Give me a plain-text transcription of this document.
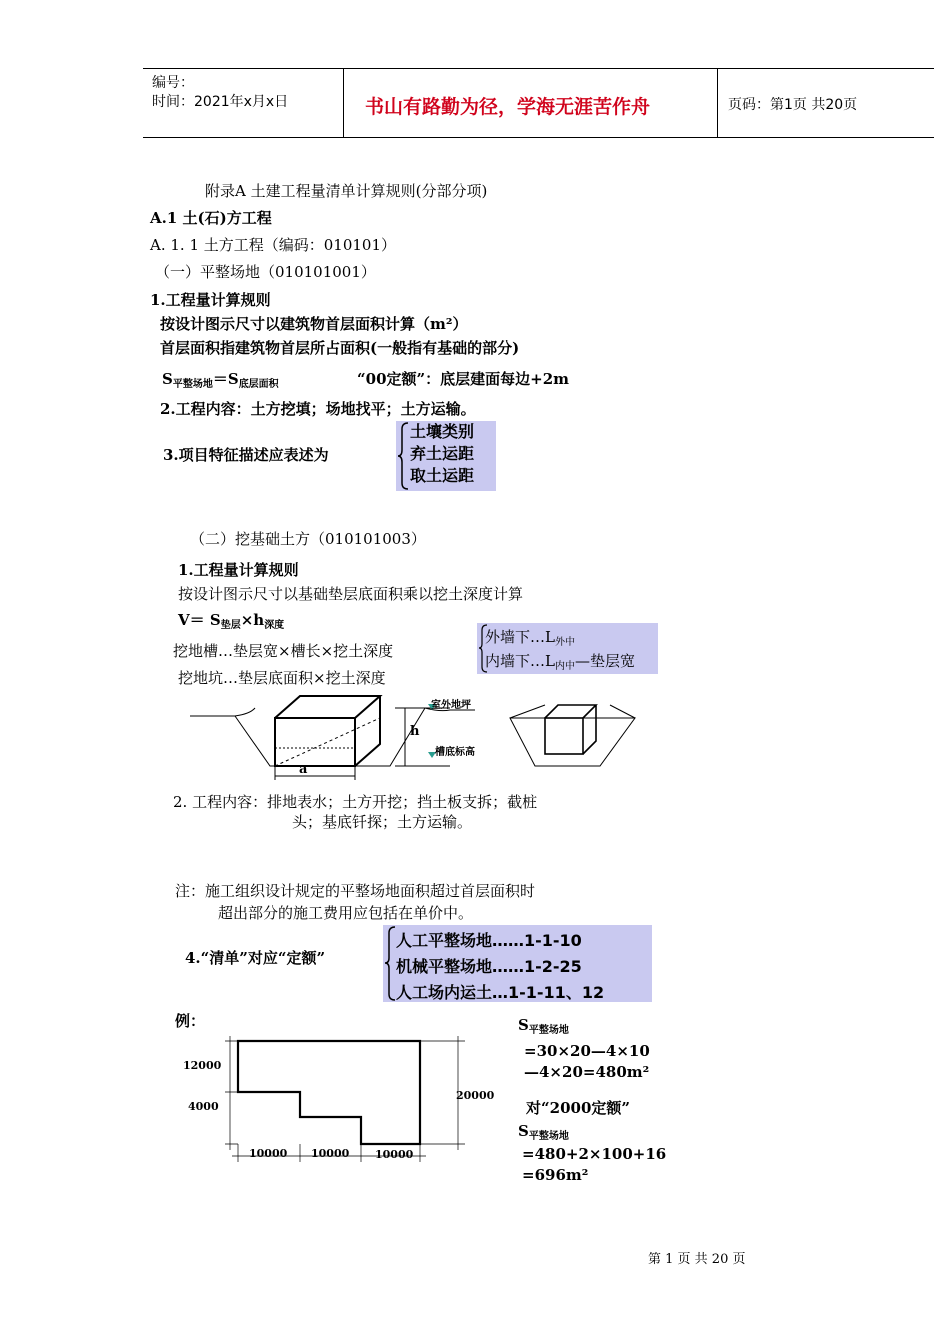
编号：
时间：2021年x月x日	书山有路勤为径，学海无涯苦作舟	页码：第1页 共20页
附录A 土建工程量清单计算规则(分部分项)
A.1 土(石)方工程
A. 1. 1 土方工程（编码：010101）
（一）平整场地（010101001）
1.工程量计算规则
按设计图示尺寸以建筑物首层面积计算（m²）
首层面积指建筑物首层所占面积(一般指有基础的部分)
$S_{平整场地}=S_{底层面积}$	“00定额”：底层建面每边+2m
2.工程内容：土方挖填；场地找平；土方运输。
3.项目特征描述应表述为
土壤类别
弃土运距
取土运距
（二）挖基础土方（010101003）
1.工程量计算规则
按设计图示尺寸以基础垫层底面积乘以挖土深度计算
$V= S_{垫层}\times h_{深度}$
挖地槽…垫层宽×槽长×挖土深度
挖地坑…垫层底面积×挖土深度
外墙下$\dots L_{外中}$
内墙下$\dots L_{内中}—$垫层宽
室外地坪
h
槽底标高
a
2. 工程内容：排地表水；土方开挖；挡土板支拆；截桩
头；基底钎探；土方运输。
注：施工组织设计规定的平整场地面积超过首层面积时
超出部分的施工费用应包括在单价中。
4.“清单”对应“定额”
人工平整场地……1-1-10
机械平整场地……1-2-25
人工场内运土…1-1-11、12
例：
12000
4000
20000
10000 10000 10000
$S_{平整场地}$
=30×20—4×10
—4×20=480m²
对“2000定额”
$S_{平整场地}$
=480+2×100+16
=696m²
第 1 页 共 20 页
